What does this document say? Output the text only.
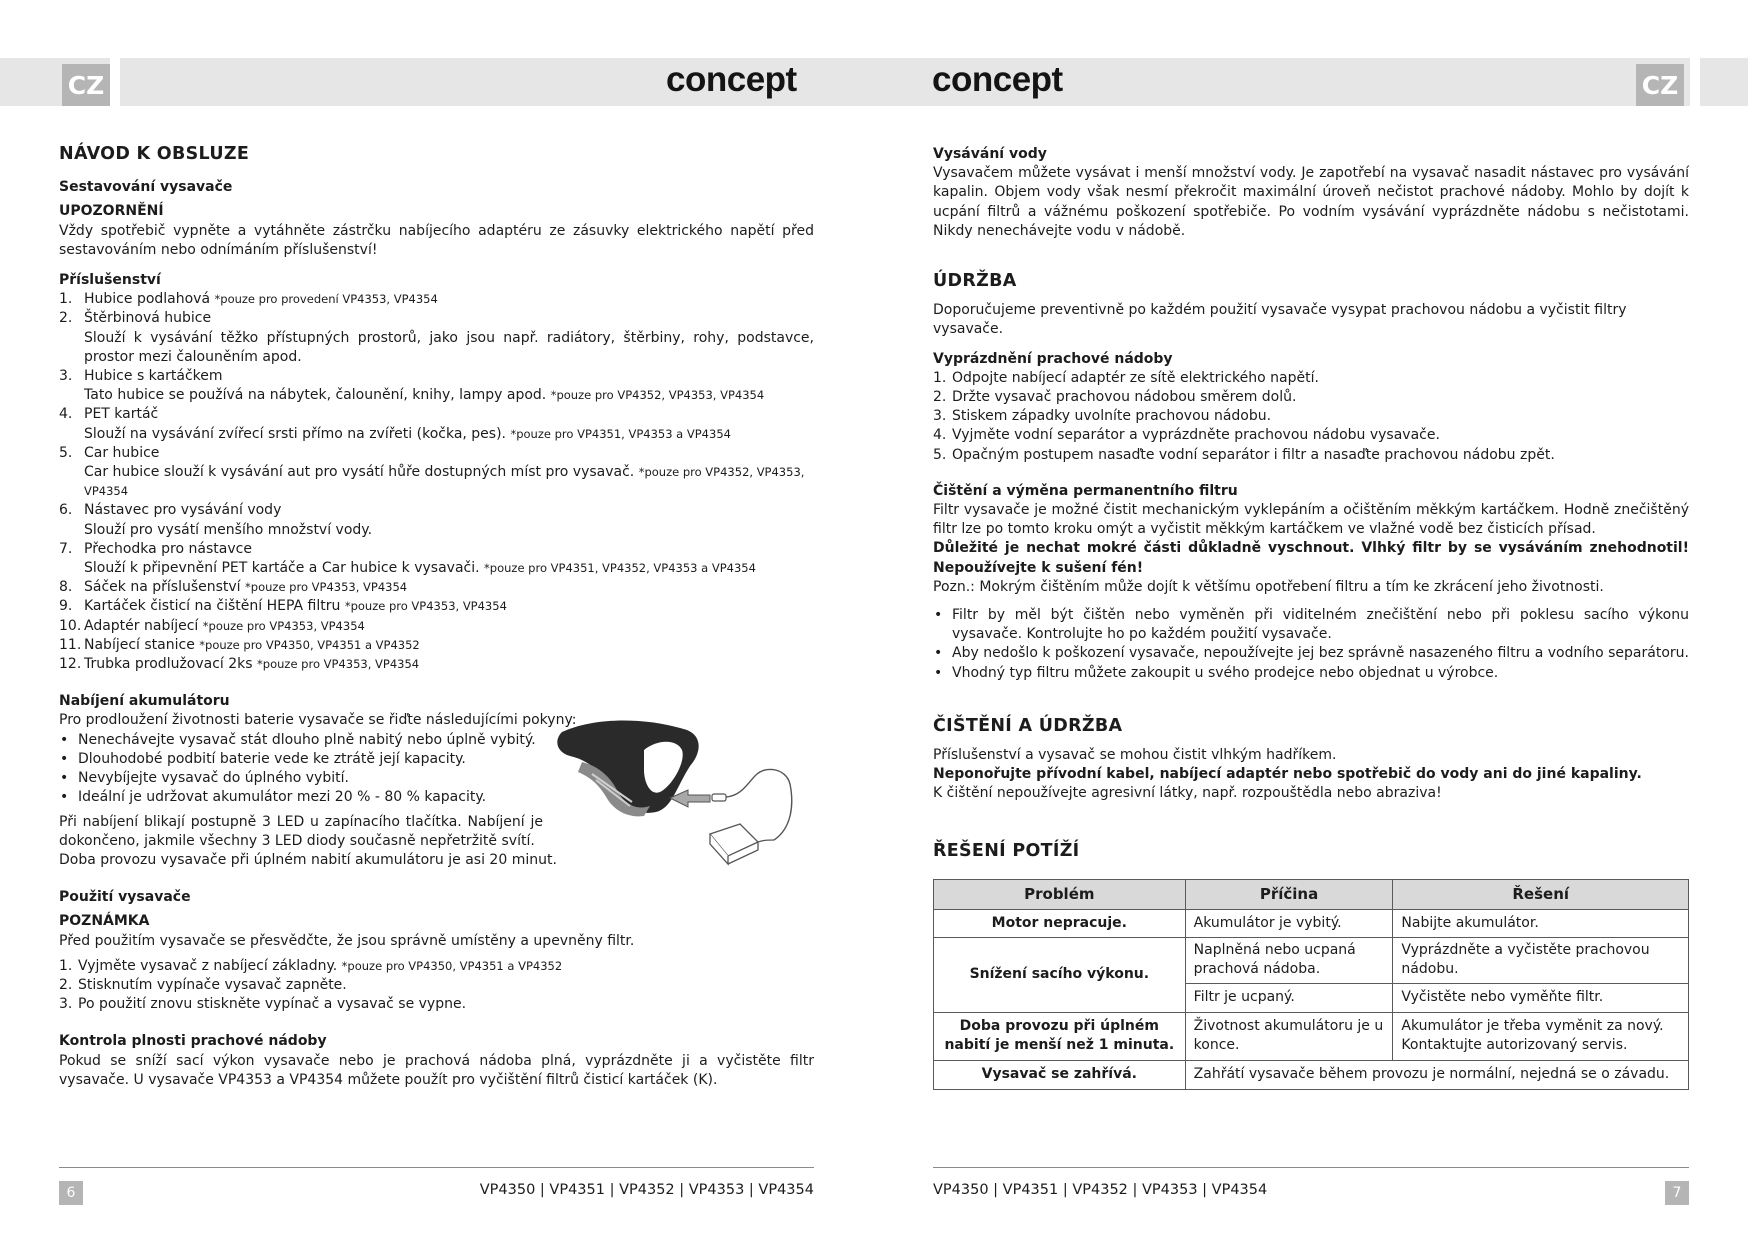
CZ	CZ
concept	concept

NÁVOD K OBSLUZE

Sestavování vysavače

UPOZORNĚNÍ

Vždy spotřebič vypněte a vytáhněte zástrčku nabíjecího adaptéru ze zásuvky elektrického napětí před sestavováním nebo odnímáním příslušenství!

Příslušenství

1. Hubice podlahová *pouze pro provedení VP4353, VP4354
2. Štěrbinová hubice

Slouží k vysávání těžko přístupných prostorů, jako jsou např. radiátory, štěrbiny, rohy, podstavce, prostor mezi čalouněním apod.
3. Hubice s kartáčkem
Tato hubice se používá na nábytek, čalounění, knihy, lampy apod. *pouze pro VP4352, VP4353, VP4354
4. PET kartáč
Slouží na vysávání zvířecí srsti přímo na zvířeti (kočka, pes). *pouze pro VP4351, VP4353 a VP4354
5. Car hubice
Car hubice slouží k vysávání aut pro vysátí hůře dostupných míst pro vysavač. *pouze pro VP4352, VP4353, VP4354
6. Nástavec pro vysávání vody
Slouží pro vysátí menšího množství vody.
7. Přechodka pro nástavce
Slouží k připevnění PET kartáče a Car hubice k vysavači. *pouze pro VP4351, VP4352, VP4353 a VP4354
8. Sáček na příslušenství *pouze pro VP4353, VP4354
9. Kartáček čisticí na čištění HEPA filtru *pouze pro VP4353, VP4354
10. Adaptér nabíjecí *pouze pro VP4353, VP4354
11. Nabíjecí stanice *pouze pro VP4350, VP4351 a VP4352
12. Trubka prodlužovací 2ks *pouze pro VP4353, VP4354

Nabíjení akumulátoru

Pro prodloužení životnosti baterie vysavače se řiďte následujícími pokyny:

• Nenechávejte vysavač stát dlouho plně nabitý nebo úplně vybitý.
• Dlouhodobé podbití baterie vede ke ztrátě její kapacity.
• Nevybíjejte vysavač do úplného vybití.
• Ideální je udržovat akumulátor mezi 20 % - 80 % kapacity.

Při nabíjení blikají postupně 3 LED u zapínacího tlačítka. Nabíjení je dokončeno, jakmile všechny 3 LED diody současně nepřetržitě svítí.

Doba provozu vysavače při úplném nabití akumulátoru je asi 20 minut.

Použití vysavače

POZNÁMKA

Před použitím vysavače se přesvědčte, že jsou správně umístěny a upevněny filtr.

1. Vyjměte vysavač z nabíjecí základny. *pouze pro VP4350, VP4351 a VP4352
2. Stisknutím vypínače vysavač zapněte.
3. Po použití znovu stiskněte vypínač a vysavač se vypne.

Kontrola plnosti prachové nádoby

Pokud se sníží sací výkon vysavače nebo je prachová nádoba plná, vyprázdněte ji a vyčistěte filtr vysavače. U vysavače VP4353 a VP4354 můžete použít pro vyčištění filtrů čisticí kartáček (K).

Vysávání vody

Vysavačem můžete vysávat i menší množství vody. Je zapotřebí na vysavač nasadit nástavec pro vysávání kapalin. Objem vody však nesmí překročit maximální úroveň nečistot prachové nádoby. Mohlo by dojít k ucpání filtrů a vážnému poškození spotřebiče. Po vodním vysávání vyprázdněte nádobu s nečistotami. Nikdy nenechávejte vodu v nádobě.

ÚDRŽBA

Doporučujeme preventivně po každém použití vysavače vysypat prachovou nádobu a vyčistit filtry vysavače.

Vyprázdnění prachové nádoby

1. Odpojte nabíjecí adaptér ze sítě elektrického napětí.
2. Držte vysavač prachovou nádobou směrem dolů.
3. Stiskem západky uvolníte prachovou nádobu.
4. Vyjměte vodní separátor a vyprázdněte prachovou nádobu vysavače.
5. Opačným postupem nasaďte vodní separátor i filtr a nasaďte prachovou nádobu zpět.

Čištění a výměna permanentního filtru

Filtr vysavače je možné čistit mechanickým vyklepáním a očištěním měkkým kartáčkem. Hodně znečištěný filtr lze po tomto kroku omýt a vyčistit měkkým kartáčkem ve vlažné vodě bez čisticích přísad.

Důležité je nechat mokré části důkladně vyschnout. Vlhký filtr by se vysáváním znehodnotil! Nepoužívejte k sušení fén!

Pozn.: Mokrým čištěním může dojít k většímu opotřebení filtru a tím ke zkrácení jeho životnosti.

• Filtr by měl být čištěn nebo vyměněn při viditelném znečištění nebo při poklesu sacího výkonu vysavače. Kontrolujte ho po každém použití vysavače.
• Aby nedošlo k poškození vysavače, nepoužívejte jej bez správně nasazeného filtru a vodního separátoru.
• Vhodný typ filtru můžete zakoupit u svého prodejce nebo objednat u výrobce.

ČIŠTĚNÍ A ÚDRŽBA

Příslušenství a vysavač se mohou čistit vlhkým hadříkem.

Neponořujte přívodní kabel, nabíjecí adaptér nebo spotřebič do vody ani do jiné kapaliny.

K čištění nepoužívejte agresivní látky, např. rozpouštědla nebo abraziva!

ŘEŠENÍ POTÍŽÍ

Problém	Příčina	Řešení
Motor nepracuje.	Akumulátor je vybitý.	Nabijte akumulátor.
Snížení sacího výkonu.	Naplněná nebo ucpaná prachová nádoba.	Vyprázdněte a vyčistěte prachovou nádobu.
	Filtr je ucpaný.	Vyčistěte nebo vyměňte filtr.
Doba provozu při úplném nabití je menší než 1 minuta.	Životnost akumulátoru je u konce.	Akumulátor je třeba vyměnit za nový. Kontaktujte autorizovaný servis.
Vysavač se zahřívá.	Zahřátí vysavače během provozu je normální, nejedná se o závadu.	
6	7
VP4350 | VP4351 | VP4352 | VP4353 | VP4354	VP4350 | VP4351 | VP4352 | VP4353 | VP4354
